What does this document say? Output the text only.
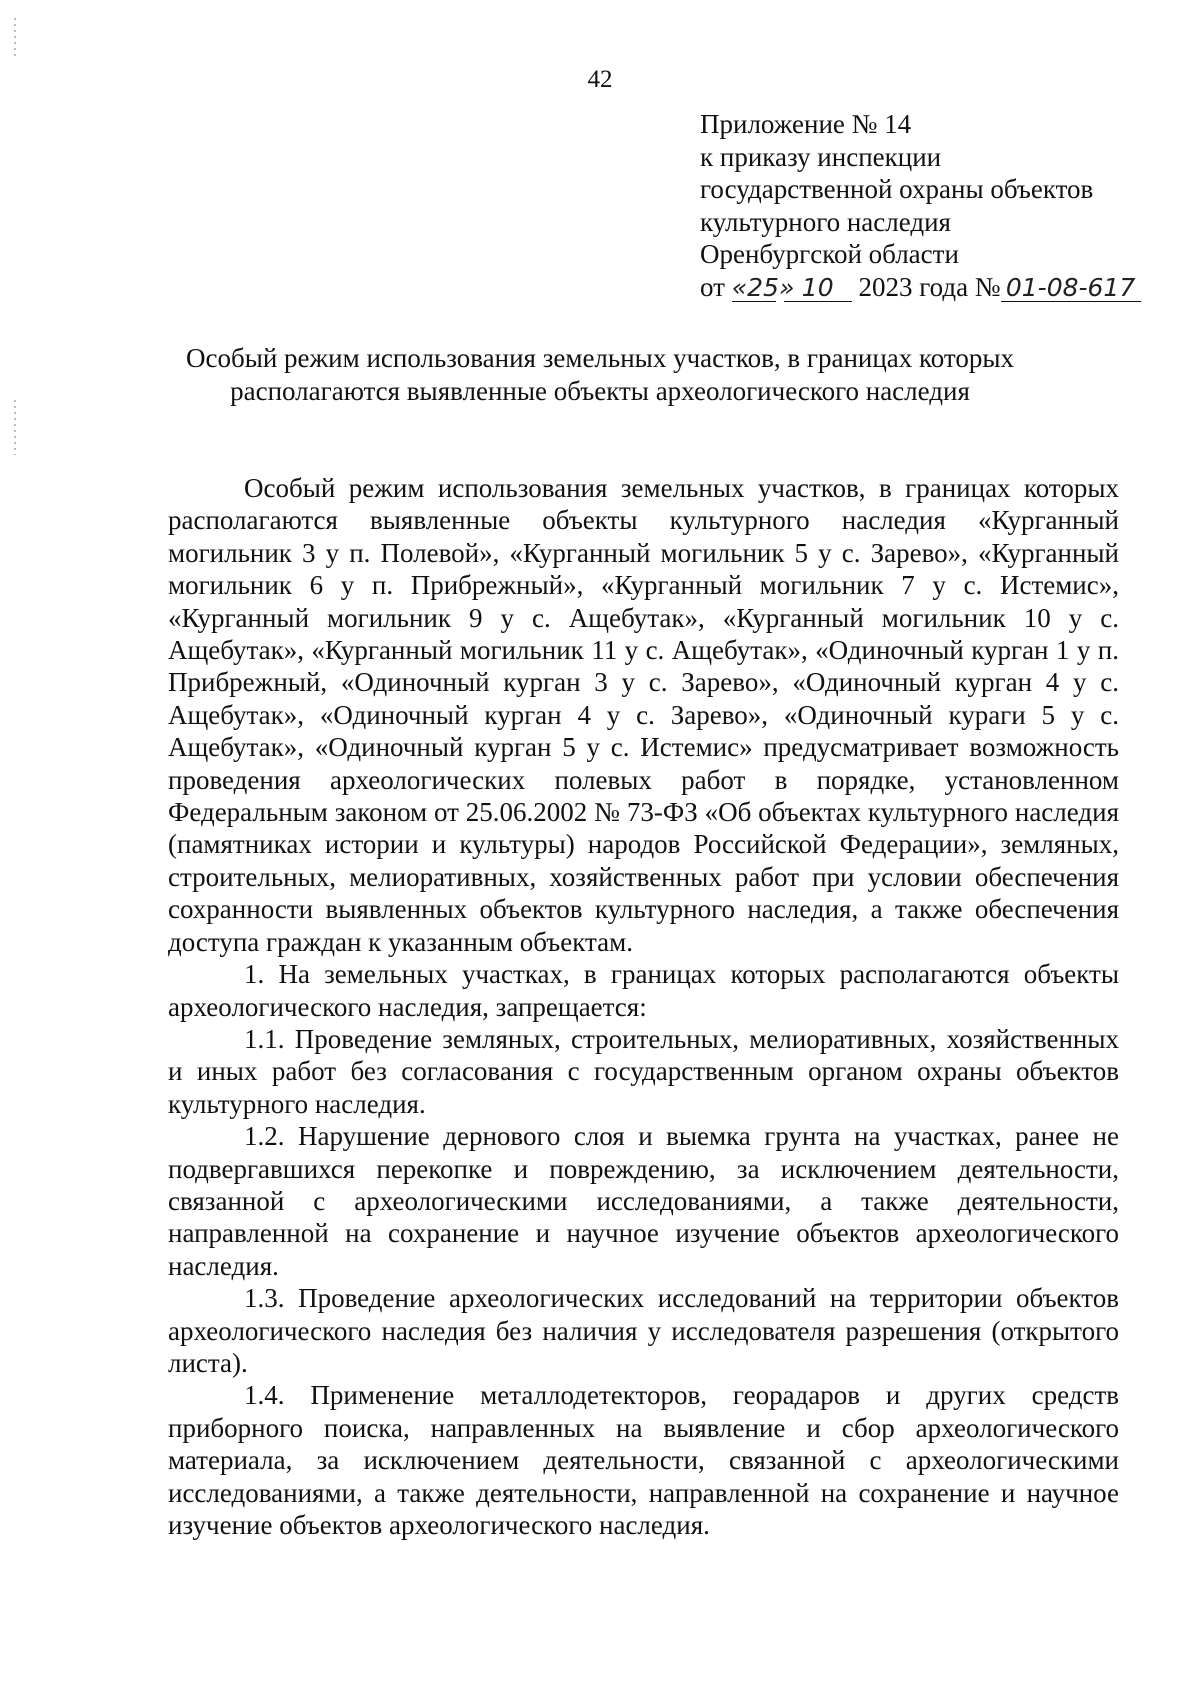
42
Приложение № 14
к приказу инспекции
государственной охраны объектов
культурного наследия
Оренбургской области
от «25» 10 2023 года № 01-08-617
Особый режим использования земельных участков, в границах которых
располагаются выявленные объекты археологического наследия

Особый режим использования земельных участков, в границах которых располагаются выявленные объекты культурного наследия «Курганный могильник 3 у п. Полевой», «Курганный могильник 5 у с. Зарево», «Курганный могильник 6 у п. Прибрежный», «Курганный могильник 7 у с. Истемис», «Курганный могильник 9 у с. Ащебутак», «Курганный могильник 10 у с. Ащебутак», «Курганный могильник 11 у с. Ащебутак», «Одиночный курган 1 у п. Прибрежный, «Одиночный курган 3 у с. Зарево», «Одиночный курган 4 у с. Ащебутак», «Одиночный курган 4 у с. Зарево», «Одиночный кураги 5 у с. Ащебутак», «Одиночный курган 5 у с. Истемис» предусматривает возможность проведения археологических полевых работ в порядке, установленном Федеральным законом от 25.06.2002 № 73-ФЗ «Об объектах культурного наследия (памятниках истории и культуры) народов Российской Федерации», земляных, строительных, мелиоративных, хозяйственных работ при условии обеспечения сохранности выявленных объектов культурного наследия, а также обеспечения доступа граждан к указанным объектам.

1. На земельных участках, в границах которых располагаются объекты археологического наследия, запрещается:

1.1. Проведение земляных, строительных, мелиоративных, хозяйственных и иных работ без согласования с государственным органом охраны объектов культурного наследия.

1.2. Нарушение дернового слоя и выемка грунта на участках, ранее не подвергавшихся перекопке и повреждению, за исключением деятельности, связанной с археологическими исследованиями, а также деятельности, направленной на сохранение и научное изучение объектов археологического наследия.

1.3. Проведение археологических исследований на территории объектов археологического наследия без наличия у исследователя разрешения (открытого листа).

1.4. Применение металлодетекторов, георадаров и других средств приборного поиска, направленных на выявление и сбор археологического материала, за исключением деятельности, связанной с археологическими исследованиями, а также деятельности, направленной на сохранение и научное изучение объектов археологического наследия.
